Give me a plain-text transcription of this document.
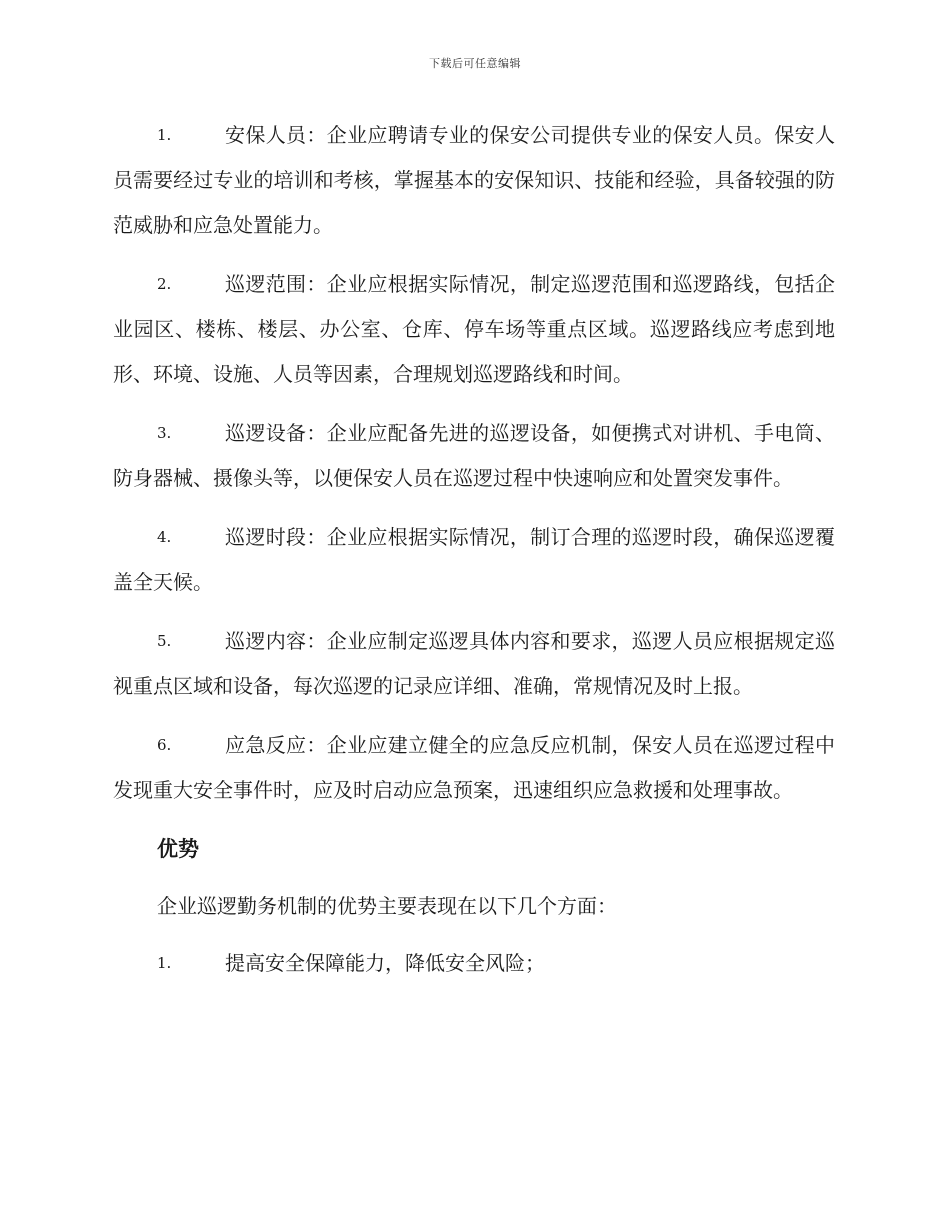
下载后可任意编辑
1.	安保人员：企业应聘请专业的保安公司提供专业的保安人员。保安人员需要经过专业的培训和考核，掌握基本的安保知识、技能和经验，具备较强的防范威胁和应急处置能力。
2.	巡逻范围：企业应根据实际情况，制定巡逻范围和巡逻路线，包括企业园区、楼栋、楼层、办公室、仓库、停车场等重点区域。巡逻路线应考虑到地形、环境、设施、人员等因素，合理规划巡逻路线和时间。
3.	巡逻设备：企业应配备先进的巡逻设备，如便携式对讲机、手电筒、防身器械、摄像头等，以便保安人员在巡逻过程中快速响应和处置突发事件。
4.	巡逻时段：企业应根据实际情况，制订合理的巡逻时段，确保巡逻覆盖全天候。
5.	巡逻内容：企业应制定巡逻具体内容和要求，巡逻人员应根据规定巡视重点区域和设备，每次巡逻的记录应详细、准确，常规情况及时上报。
6.	应急反应：企业应建立健全的应急反应机制，保安人员在巡逻过程中发现重大安全事件时，应及时启动应急预案，迅速组织应急救援和处理事故。
优势
企业巡逻勤务机制的优势主要表现在以下几个方面：
1.	提高安全保障能力，降低安全风险；
